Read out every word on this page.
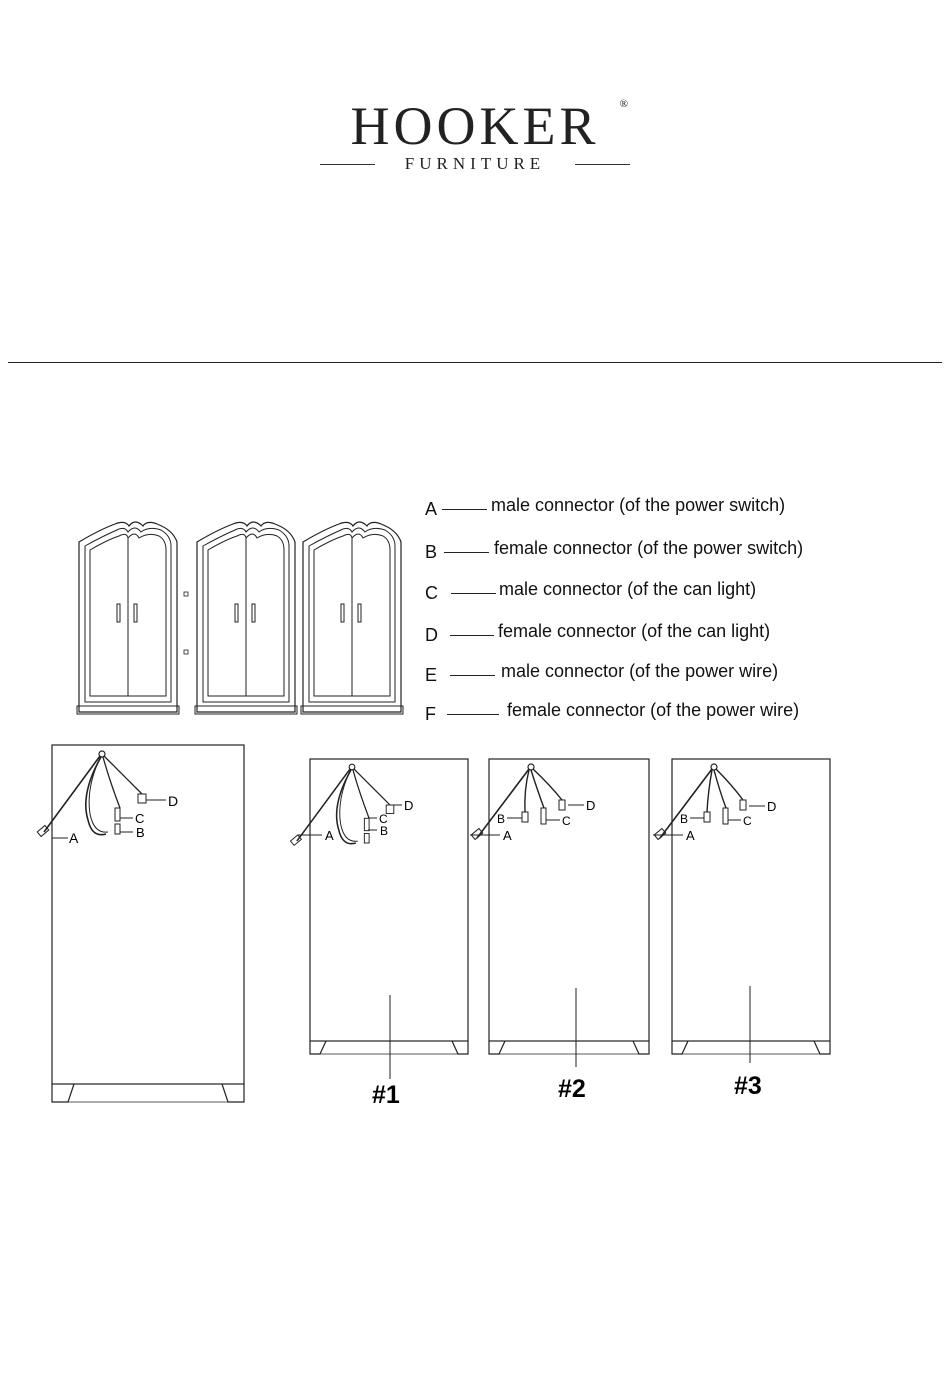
HOOKER	®
FURNITURE
A	male connector (of the power switch)
B	female connector (of the power switch)
C	male connector (of the can light)
D	female connector (of the can light)
E	male connector (of the power wire)
F	female connector (of the power wire)
A	B
C
D
A	B
C
D
#1
A
B	C
D
#2
A
B	C
D
#3
